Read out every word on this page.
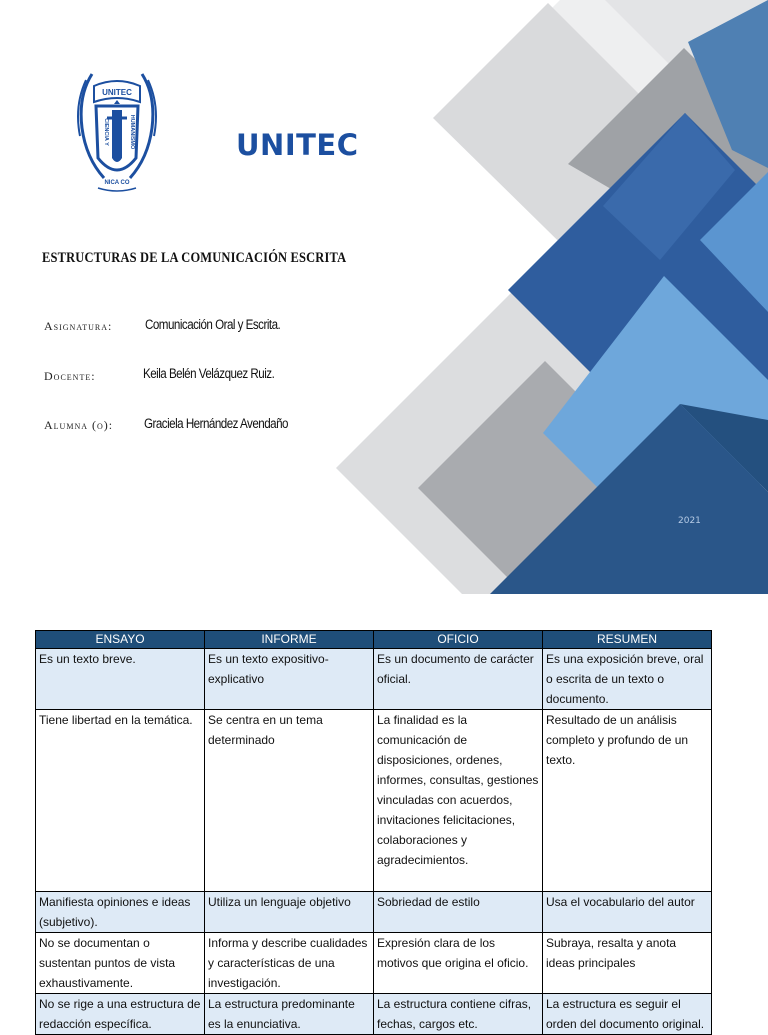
UNITEC
CIENCIA Y	HUMANISMO
NICA CO
UNITEC
ESTRUCTURAS DE LA COMUNICACIÓN ESCRITA
Asignatura: Comunicación Oral y Escrita.
Docente:	Keila Belén Velázquez Ruiz.
Alumna (o): Graciela Hernández Avendaño
2021
ENSAYO	INFORME	OFICIO	RESUMEN
Es un texto breve.	Es un texto expositivo-explicativo	Es un documento de carácter oficial.	Es una exposición breve, oral o escrita de un texto o documento.
Tiene libertad en la temática.	Se centra en un tema determinado	La finalidad es la comunicación de disposiciones, ordenes, informes, consultas, gestiones vinculadas con acuerdos, invitaciones felicitaciones, colaboraciones y agradecimientos.	Resultado de un análisis completo y profundo de un texto.
Manifiesta opiniones e ideas (subjetivo).	Utiliza un lenguaje objetivo	Sobriedad de estilo	Usa el vocabulario del autor
No se documentan o sustentan puntos de vista exhaustivamente.	Informa y describe cualidades y características de una investigación.	Expresión clara de los motivos que origina el oficio.	Subraya, resalta y anota ideas principales
No se rige a una estructura de redacción específica.	La estructura predominante es la enunciativa.	La estructura contiene cifras, fechas, cargos etc.	La estructura es seguir el orden del documento original.
